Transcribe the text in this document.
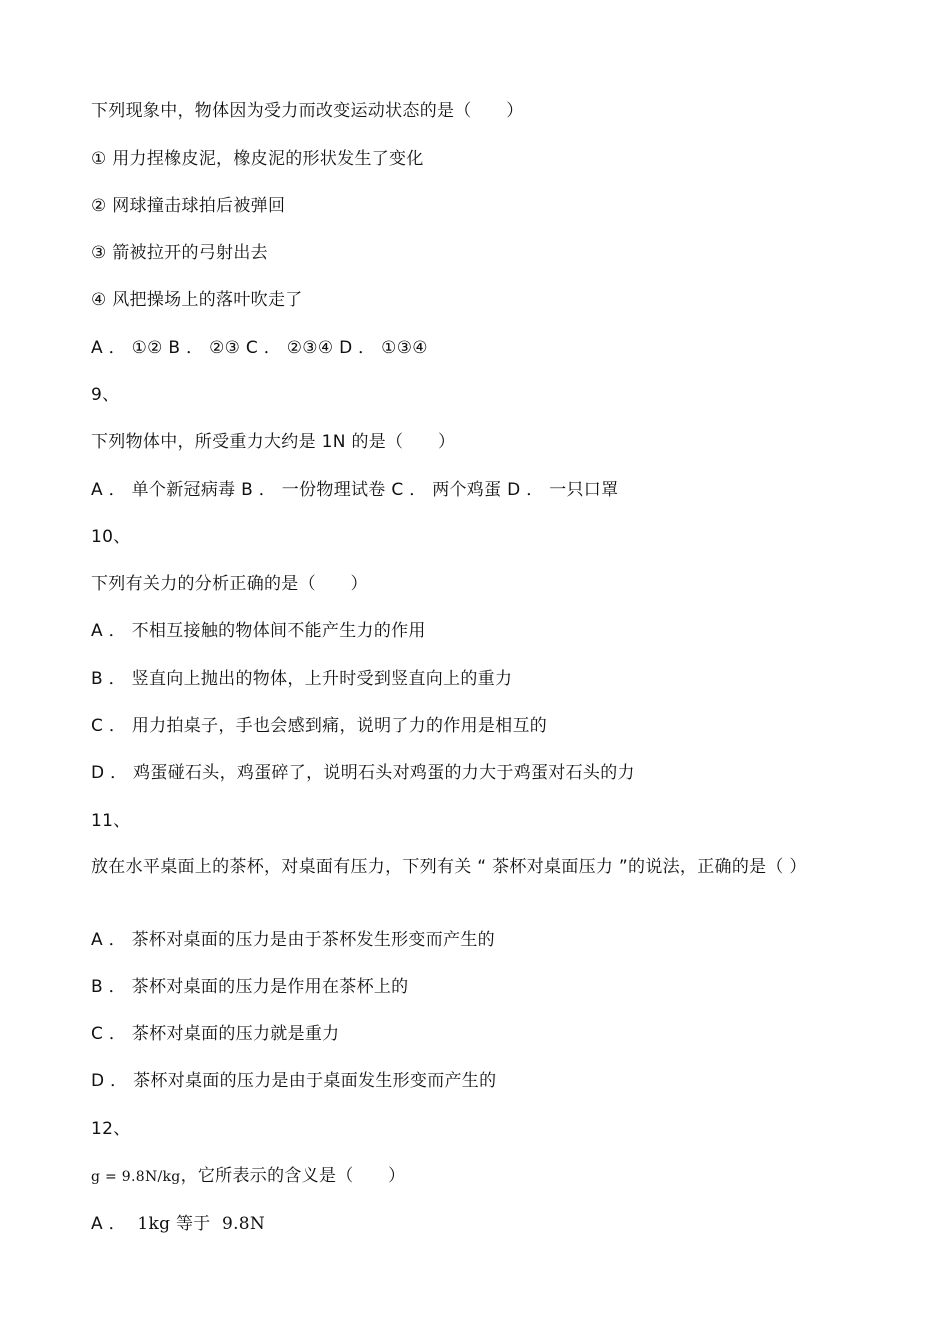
下列现象中，物体因为受力而改变运动状态的是（　　）
① 用力捏橡皮泥，橡皮泥的形状发生了变化
② 网球撞击球拍后被弹回
③ 箭被拉开的弓射出去
④ 风把操场上的落叶吹走了
A ． ①② B ． ②③ C ． ②③④ D ． ①③④
9、
下列物体中，所受重力大约是 1N 的是（　　）
A ． 单个新冠病毒 B ． 一份物理试卷 C ． 两个鸡蛋 D ． 一只口罩
10、
下列有关力的分析正确的是（　　）
A ． 不相互接触的物体间不能产生力的作用
B ． 竖直向上抛出的物体，上升时受到竖直向上的重力
C ． 用力拍桌子，手也会感到痛，说明了力的作用是相互的
D ． 鸡蛋碰石头，鸡蛋碎了，说明石头对鸡蛋的力大于鸡蛋对石头的力
11、
放在水平桌面上的茶杯，对桌面有压力，下列有关 “ 茶杯对桌面压力 ”的说法，正确的是（ ）
A ． 茶杯对桌面的压力是由于茶杯发生形变而产生的
B ． 茶杯对桌面的压力是作用在茶杯上的
C ． 茶杯对桌面的压力就是重力
D ． 茶杯对桌面的压力是由于桌面发生形变而产生的
12、
g = 9.8N/kg，它所表示的含义是（　　）
A ． 1kg 等于  9.8N
